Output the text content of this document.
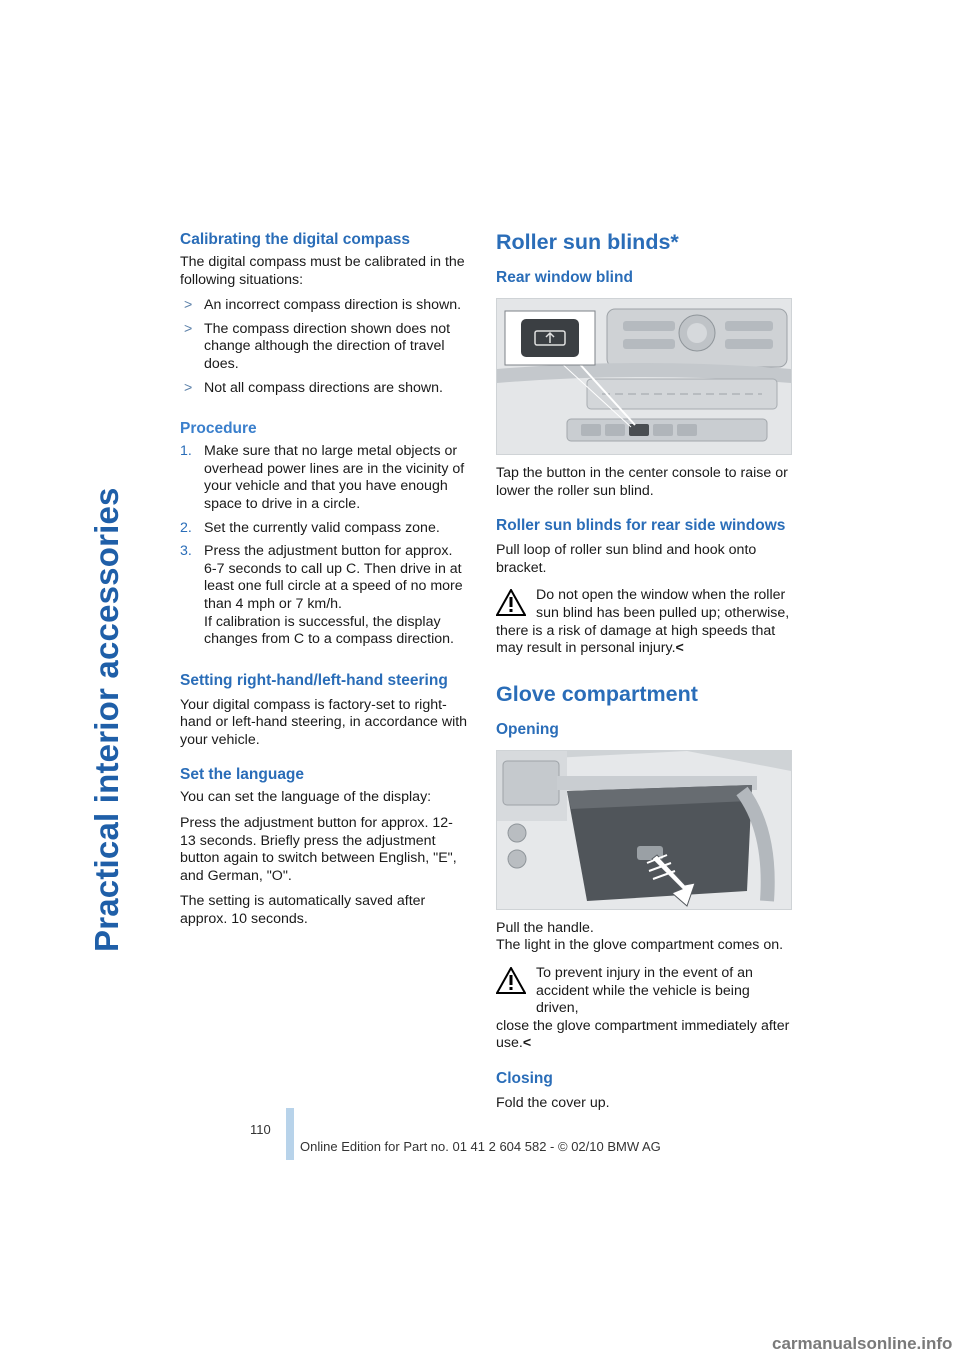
Practical interior accessories
Calibrating the digital compass

The digital compass must be calibrated in the following situations:

> An incorrect compass direction is shown.
> The compass direction shown does not change although the direction of travel does.
> Not all compass directions are shown.
Procedure
1. Make sure that no large metal objects or overhead power lines are in the vicinity of your vehicle and that you have enough space to drive in a circle.
2. Set the currently valid compass zone.
3. Press the adjustment button for approx. 6-7 seconds to call up C. Then drive in at least one full circle at a speed of no more than 4 mph or 7 km/h.
If calibration is successful, the display changes from C to a compass direction.
Setting right-hand/left-hand steering

Your digital compass is factory-set to right-hand or left-hand steering, in accordance with your vehicle.

Set the language

You can set the language of the display:

Press the adjustment button for approx. 12-13 seconds. Briefly press the adjustment button again to switch between English, "E", and German, "O".

The setting is automatically saved after approx. 10 seconds.

Roller sun blinds*
Rear window blind

Tap the button in the center console to raise or lower the roller sun blind.

Roller sun blinds for rear side windows

Pull loop of roller sun blind and hook onto bracket.

Do not open the window when the roller sun blind has been pulled up; otherwise,
there is a risk of damage at high speeds that may result in personal injury.<
Glove compartment
Opening

Pull the handle.

The light in the glove compartment comes on.

To prevent injury in the event of an accident while the vehicle is being driven,
close the glove compartment immediately after use.<
Closing

Fold the cover up.

110
Online Edition for Part no. 01 41 2 604 582 - © 02/10 BMW AG
carmanualsonline.info
